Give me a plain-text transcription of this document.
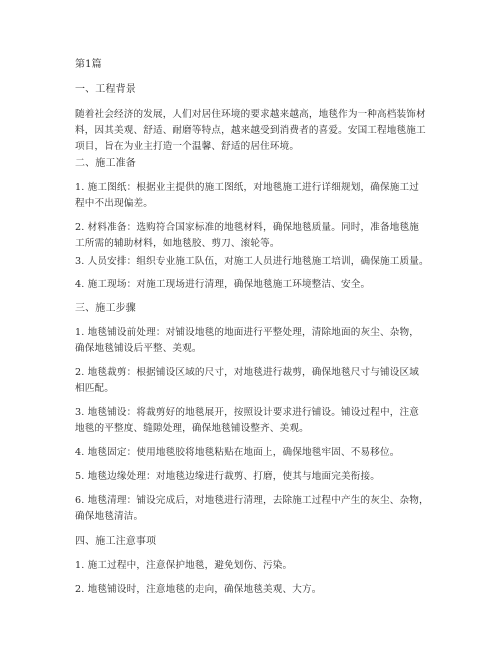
第1篇
一、工程背景
随着社会经济的发展，人们对居住环境的要求越来越高，地毯作为一种高档装饰材
料，因其美观、舒适、耐磨等特点，越来越受到消费者的喜爱。安国工程地毯施工
项目，旨在为业主打造一个温馨、舒适的居住环境。
二、施工准备
1. 施工图纸：根据业主提供的施工图纸，对地毯施工进行详细规划，确保施工过
程中不出现偏差。
2. 材料准备：选购符合国家标准的地毯材料，确保地毯质量。同时，准备地毯施
工所需的辅助材料，如地毯胶、剪刀、滚轮等。
3. 人员安排：组织专业施工队伍，对施工人员进行地毯施工培训，确保施工质量。
4. 施工现场：对施工现场进行清理，确保地毯施工环境整洁、安全。
三、施工步骤
1. 地毯铺设前处理：对铺设地毯的地面进行平整处理，清除地面的灰尘、杂物，
确保地毯铺设后平整、美观。
2. 地毯裁剪：根据铺设区域的尺寸，对地毯进行裁剪，确保地毯尺寸与铺设区域
相匹配。
3. 地毯铺设：将裁剪好的地毯展开，按照设计要求进行铺设。铺设过程中，注意
地毯的平整度、缝隙处理，确保地毯铺设整齐、美观。
4. 地毯固定：使用地毯胶将地毯粘贴在地面上，确保地毯牢固、不易移位。
5. 地毯边缘处理：对地毯边缘进行裁剪、打磨，使其与地面完美衔接。
6. 地毯清理：铺设完成后，对地毯进行清理，去除施工过程中产生的灰尘、杂物，
确保地毯清洁。
四、施工注意事项
1. 施工过程中，注意保护地毯，避免划伤、污染。
2. 地毯铺设时，注意地毯的走向，确保地毯美观、大方。
